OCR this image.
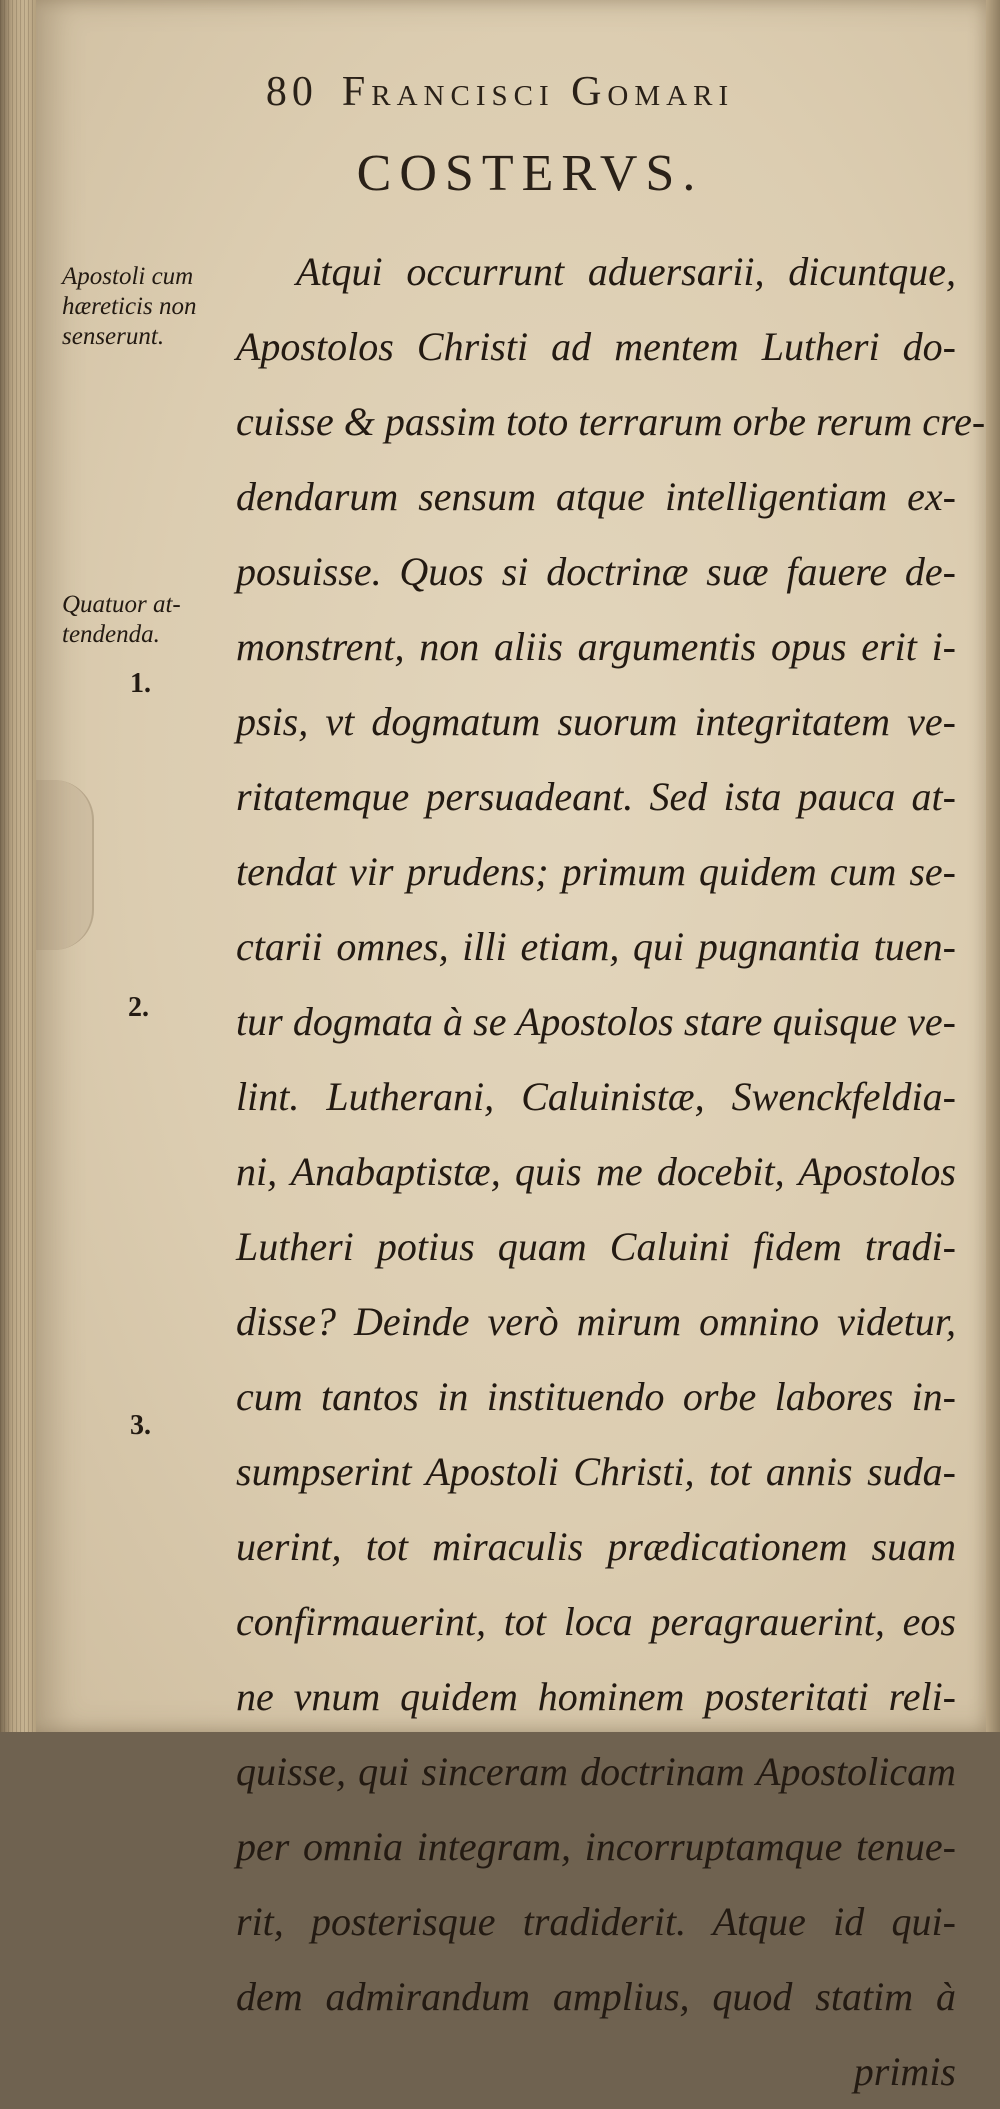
80 Francisci Gomari
COSTERVS.
Apostoli cum
hæreticis non
senserunt.
Quatuor at-
tendenda.
1.
2.
3.
Atqui occurrunt aduersarii, dicuntque,
Apostolos Christi ad mentem Lutheri do-
cuisse & passim toto terrarum orbe rerum cre-
dendarum sensum atque intelligentiam ex-
posuisse. Quos si doctrinæ suæ fauere de-
monstrent, non aliis argumentis opus erit i-
psis, vt dogmatum suorum integritatem ve-
ritatemque persuadeant. Sed ista pauca at-
tendat vir prudens; primum quidem cum se-
ctarii omnes, illi etiam, qui pugnantia tuen-
tur dogmata à se Apostolos stare quisque ve-
lint. Lutherani, Caluinistæ, Swenckfeldia-
ni, Anabaptistæ, quis me docebit, Apostolos
Lutheri potius quam Caluini fidem tradi-
disse? Deinde verò mirum omnino videtur,
cum tantos in instituendo orbe labores in-
sumpserint Apostoli Christi, tot annis suda-
uerint, tot miraculis prædicationem suam
confirmauerint, tot loca peragrauerint, eos
ne vnum quidem hominem posteritati reli-
quisse, qui sinceram doctrinam Apostolicam
per omnia integram, incorruptamque tenue-
rit, posterisque tradiderit. Atque id qui-
dem admirandum amplius, quod statim à
primis
